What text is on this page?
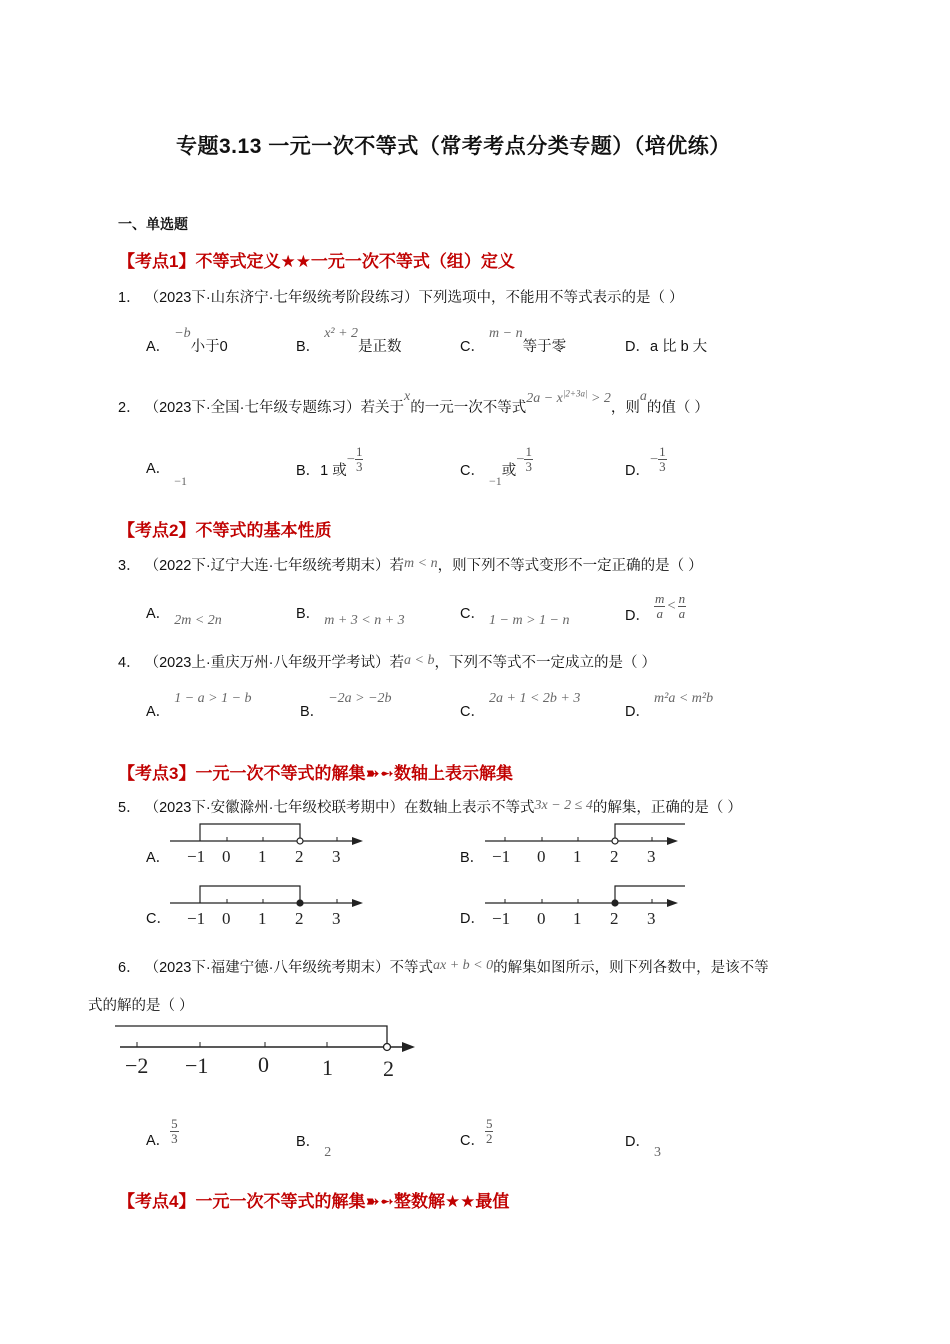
专题3.13 一元一次不等式（常考考点分类专题）（培优练）
一、单选题
【考点1】不等式定义★★一元一次不等式（组）定义
1． （2023下·山东济宁·七年级统考阶段练习）下列选项中，不能用不等式表示的是（ ）
A． −b小于0	B． x² + 2是正数	C． m − n等于零	D．a 比 b 大
2． （2023下·全国·七年级专题练习）若关于x的一元一次不等式$2a - x^{|2+3a|} > 2$，则a的值（ ）
A． $_{-1}$
B．1 或− $\frac{1}{3}$	C． $_{-1}$或− $\frac{1}{3}$	D．− $\frac{1}{3}$
【考点2】不等式的基本性质
3． （2022下·辽宁大连·七年级统考期末）若m < n，则下列不等式变形不一定正确的是（ ）
A． 2m < 2n	B． m + 3 < n + 3	C． 1 − m > 1 − n	D． $\frac{m}{a} < \frac{n}{a}$
4． （2023上·重庆万州·八年级开学考试）若a < b，下列不等式不一定成立的是（ ）
A． 1 − a > 1 − b
B． −2a > −2b
C． 2a + 1 < 2b + 3
D． m²a < m²b
【考点3】一元一次不等式的解集➽➻数轴上表示解集
5． （2023下·安徽滁州·七年级校联考期中）在数轴上表示不等式3x − 2 ≤ 4的解集，正确的是（ ）
A． −1 0 1 2 3	B． −1 0 1 2 3
C． −1 0 1 2 3	D． −1 0 1 2 3
6． （2023下·福建宁德·八年级统考期末）不等式ax + b < 0的解集如图所示，则下列各数中，是该不等
式的解的是（ ）
−2 −1 0 1 2
A． $\frac{5}{3}$	B． 2
C． $\frac{5}{2}$	D． 3
【考点4】一元一次不等式的解集➽➻整数解★★最值
